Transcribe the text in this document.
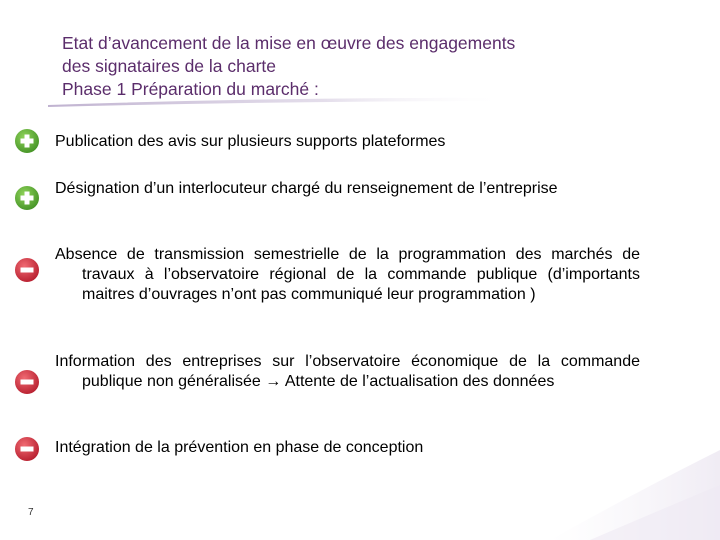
Etat d’avancement de la mise en œuvre des engagements
des signataires de la charte
Phase 1 Préparation du marché :
Publication des avis sur plusieurs supports plateformes
Désignation d’un interlocuteur chargé du renseignement de l’entreprise
Absence de transmission semestrielle de la programmation des marchés de travaux à l’observatoire régional de la commande publique (d’importants maitres d’ouvrages n’ont pas communiqué leur programmation )
Information des entreprises sur l’observatoire économique de la commande publique non généralisée → Attente de l’actualisation des données
Intégration de la prévention en phase de conception
7
